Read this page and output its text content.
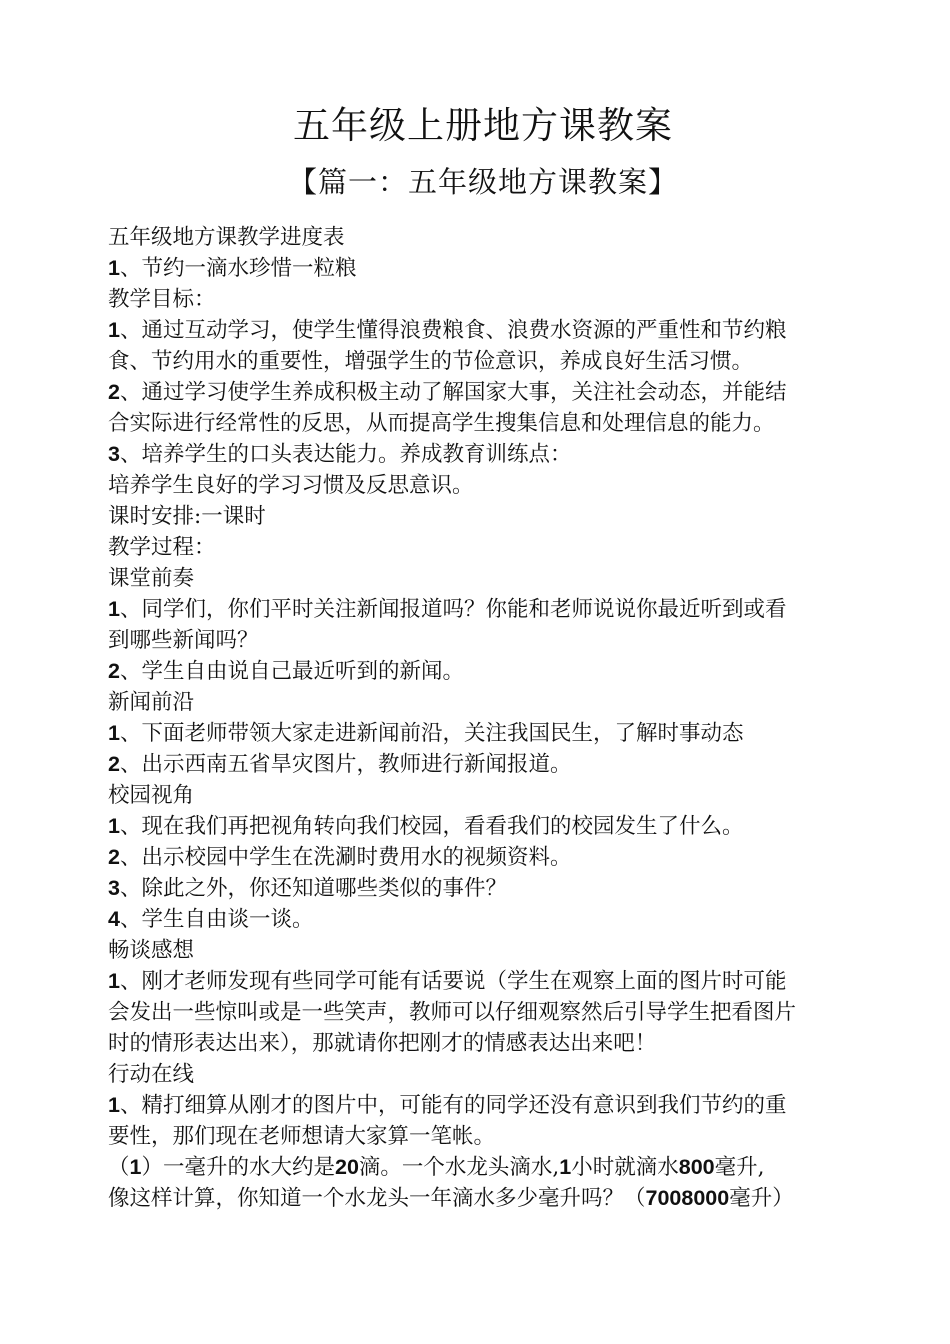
五年级上册地方课教案
【篇一：五年级地方课教案】
五年级地方课教学进度表
1、节约一滴水珍惜一粒粮
教学目标：
1、通过互动学习，使学生懂得浪费粮食、浪费水资源的严重性和节约粮
食、节约用水的重要性，增强学生的节俭意识，养成良好生活习惯。
2、通过学习使学生养成积极主动了解国家大事，关注社会动态，并能结
合实际进行经常性的反思，从而提高学生搜集信息和处理信息的能力。
3、培养学生的口头表达能力。养成教育训练点：
培养学生良好的学习习惯及反思意识。
课时安排:一课时
教学过程：
课堂前奏
1、同学们，你们平时关注新闻报道吗？你能和老师说说你最近听到或看
到哪些新闻吗？
2、学生自由说自己最近听到的新闻。
新闻前沿
1、下面老师带领大家走进新闻前沿，关注我国民生，了解时事动态
2、出示西南五省旱灾图片，教师进行新闻报道。
校园视角
1、现在我们再把视角转向我们校园，看看我们的校园发生了什么。
2、出示校园中学生在洗涮时费用水的视频资料。
3、除此之外，你还知道哪些类似的事件？
4、学生自由谈一谈。
畅谈感想
1、刚才老师发现有些同学可能有话要说（学生在观察上面的图片时可能
会发出一些惊叫或是一些笑声，教师可以仔细观察然后引导学生把看图片
时的情形表达出来），那就请你把刚才的情感表达出来吧！
行动在线
1、精打细算从刚才的图片中，可能有的同学还没有意识到我们节约的重
要性，那们现在老师想请大家算一笔帐。
（1）一毫升的水大约是20滴。一个水龙头滴水,1小时就滴水800毫升,
像这样计算，你知道一个水龙头一年滴水多少毫升吗？（7008000毫升）
